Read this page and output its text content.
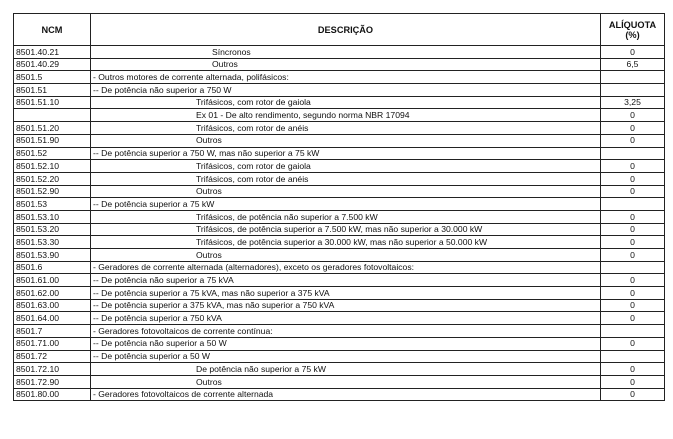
NCM	DESCRIÇÃO	ALÍQUOTA (%)
8501.40.21	Síncronos	0
8501.40.29	Outros	6,5
8501.5	- Outros motores de corrente alternada, polifásicos:	
8501.51	-- De potência não superior a 750 W	
8501.51.10	Trifásicos, com rotor de gaiola	3,25
	Ex 01 - De alto rendimento, segundo norma NBR 17094	0
8501.51.20	Trifásicos, com rotor de anéis	0
8501.51.90	Outros	0
8501.52	-- De potência superior a 750 W, mas não superior a 75 kW	
8501.52.10	Trifásicos, com rotor de gaiola	0
8501.52.20	Trifásicos, com rotor de anéis	0
8501.52.90	Outros	0
8501.53	-- De potência superior a 75 kW	
8501.53.10	Trifásicos, de potência não superior a 7.500 kW	0
8501.53.20	Trifásicos, de potência superior a 7.500 kW, mas não superior a 30.000 kW	0
8501.53.30	Trifásicos, de potência superior a 30.000 kW, mas não superior a 50.000 kW	0
8501.53.90	Outros	0
8501.6	- Geradores de corrente alternada (alternadores), exceto os geradores fotovoltaicos:	
8501.61.00	-- De potência não superior a 75 kVA	0
8501.62.00	-- De potência superior a 75 kVA, mas não superior a 375 kVA	0
8501.63.00	-- De potência superior a 375 kVA, mas não superior a 750 kVA	0
8501.64.00	-- De potência superior a 750 kVA	0
8501.7	- Geradores fotovoltaicos de corrente contínua:	
8501.71.00	-- De potência não superior a 50 W	0
8501.72	-- De potência superior a 50 W	
8501.72.10	De potência não superior a 75 kW	0
8501.72.90	Outros	0
8501.80.00	- Geradores fotovoltaicos de corrente alternada	0
